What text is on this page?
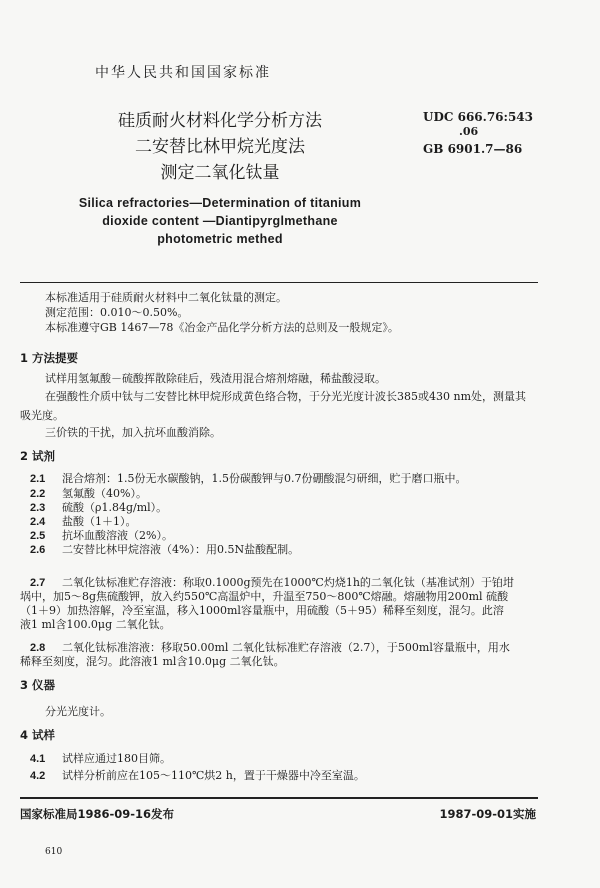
中华人民共和国国家标准
硅质耐火材料化学分析方法
二安替比林甲烷光度法
测定二氧化钛量
UDC 666.76:543
.06
GB 6901.7—86
Silica refractories—Determination of titanium
dioxide content —Diantipyrglmethane
photometric methed
本标准适用于硅质耐火材料中二氧化钛量的测定。
测定范围：0.010～0.50%。
本标准遵守GB 1467—78《冶金产品化学分析方法的总则及一般规定》。
1 方法提要
试样用氢氟酸－硫酸挥散除硅后，残渣用混合熔剂熔融，稀盐酸浸取。
在强酸性介质中钛与二安替比林甲烷形成黄色络合物，于分光光度计波长385或430 nm处，测量其
吸光度。
三价铁的干扰，加入抗坏血酸消除。
2 试剂
2.1	混合熔剂：1.5份无水碳酸钠，1.5份碳酸钾与0.7份硼酸混匀研细，贮于磨口瓶中。
2.2	氢氟酸（40%）。
2.3	硫酸（ρ1.84g/ml）。
2.4	盐酸（1＋1）。
2.5	抗坏血酸溶液（2%）。
2.6	二安替比林甲烷溶液（4%）：用0.5N盐酸配制。
2.7	二氧化钛标准贮存溶液：称取0.1000g预先在1000℃灼烧1h的二氧化钛（基准试剂）于铂坩
埚中，加5～8g焦硫酸钾，放入约550℃高温炉中，升温至750～800℃熔融。熔融物用200ml 硫酸
（1＋9）加热溶解，冷至室温，移入1000ml容量瓶中，用硫酸（5＋95）稀释至刻度，混匀。此溶
液1 ml含100.0μg 二氧化钛。
2.8	二氧化钛标准溶液：移取50.00ml 二氧化钛标准贮存溶液（2.7），于500ml容量瓶中，用水
稀释至刻度，混匀。此溶液1 ml含10.0μg 二氧化钛。
3 仪器
分光光度计。
4 试样
4.1	试样应通过180目筛。
4.2	试样分析前应在105～110℃烘2 h，置于干燥器中冷至室温。
国家标准局1986-09-16发布	1987-09-01实施
610
